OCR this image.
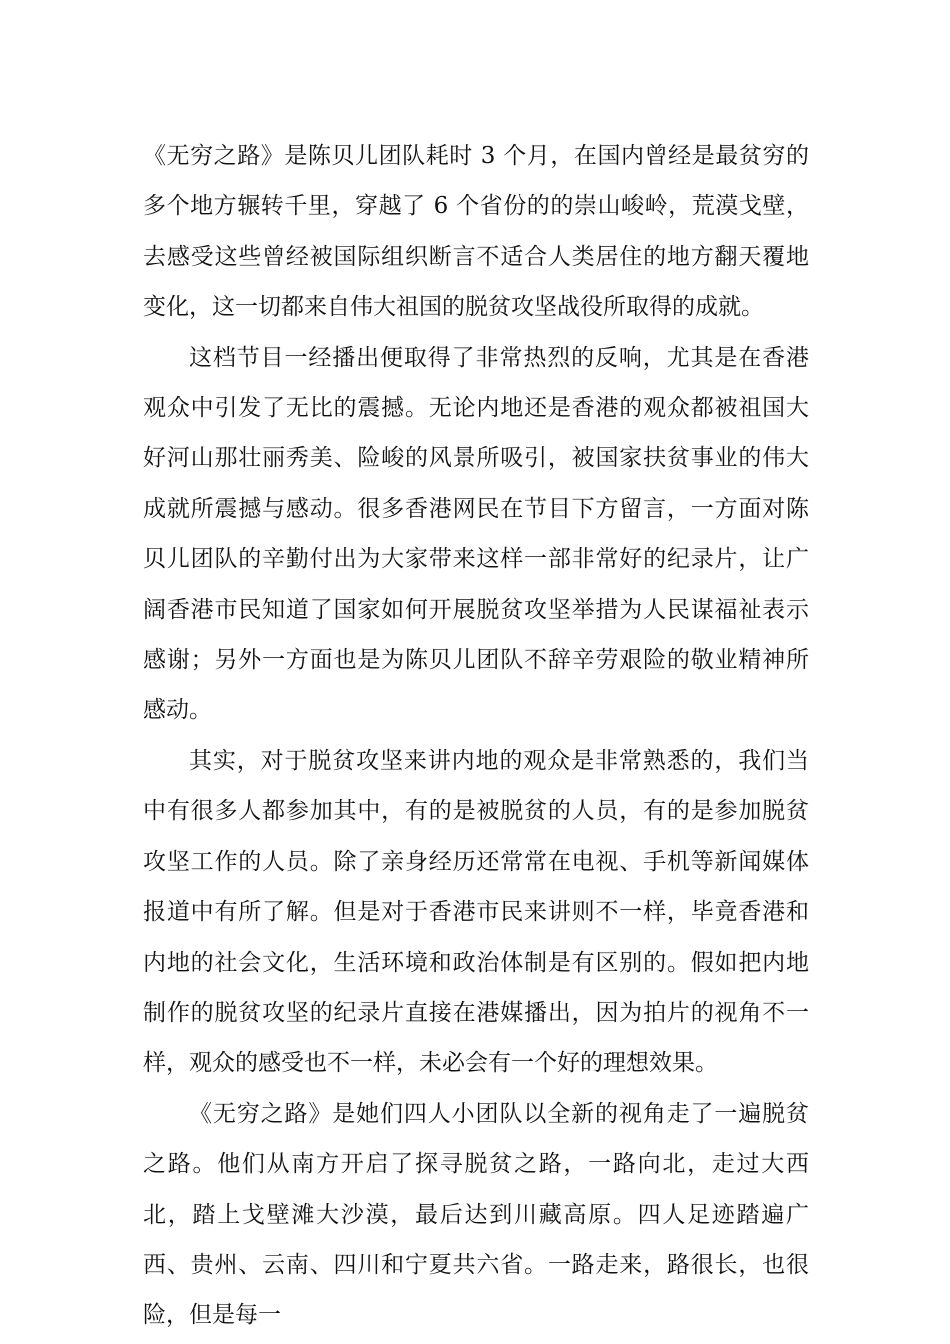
《无穷之路》是陈贝儿团队耗时 3 个月，在国内曾经是最贫穷的多个地方辗转千里，穿越了 6 个省份的的崇山峻岭，荒漠戈壁，去感受这些曾经被国际组织断言不适合人类居住的地方翻天覆地变化，这一切都来自伟大祖国的脱贫攻坚战役所取得的成就。

这档节目一经播出便取得了非常热烈的反响，尤其是在香港观众中引发了无比的震撼。无论内地还是香港的观众都被祖国大好河山那壮丽秀美、险峻的风景所吸引，被国家扶贫事业的伟大成就所震撼与感动。很多香港网民在节目下方留言，一方面对陈贝儿团队的辛勤付出为大家带来这样一部非常好的纪录片，让广阔香港市民知道了国家如何开展脱贫攻坚举措为人民谋福祉表示感谢；另外一方面也是为陈贝儿团队不辞辛劳艰险的敬业精神所感动。

其实，对于脱贫攻坚来讲内地的观众是非常熟悉的，我们当中有很多人都参加其中，有的是被脱贫的人员，有的是参加脱贫攻坚工作的人员。除了亲身经历还常常在电视、手机等新闻媒体报道中有所了解。但是对于香港市民来讲则不一样，毕竟香港和内地的社会文化，生活环境和政治体制是有区别的。假如把内地制作的脱贫攻坚的纪录片直接在港媒播出，因为拍片的视角不一样，观众的感受也不一样，未必会有一个好的理想效果。

《无穷之路》是她们四人小团队以全新的视角走了一遍脱贫之路。他们从南方开启了探寻脱贫之路，一路向北，走过大西北，踏上戈壁滩大沙漠，最后达到川藏高原。四人足迹踏遍广西、贵州、云南、四川和宁夏共六省。一路走来，路很长，也很险，但是每一
